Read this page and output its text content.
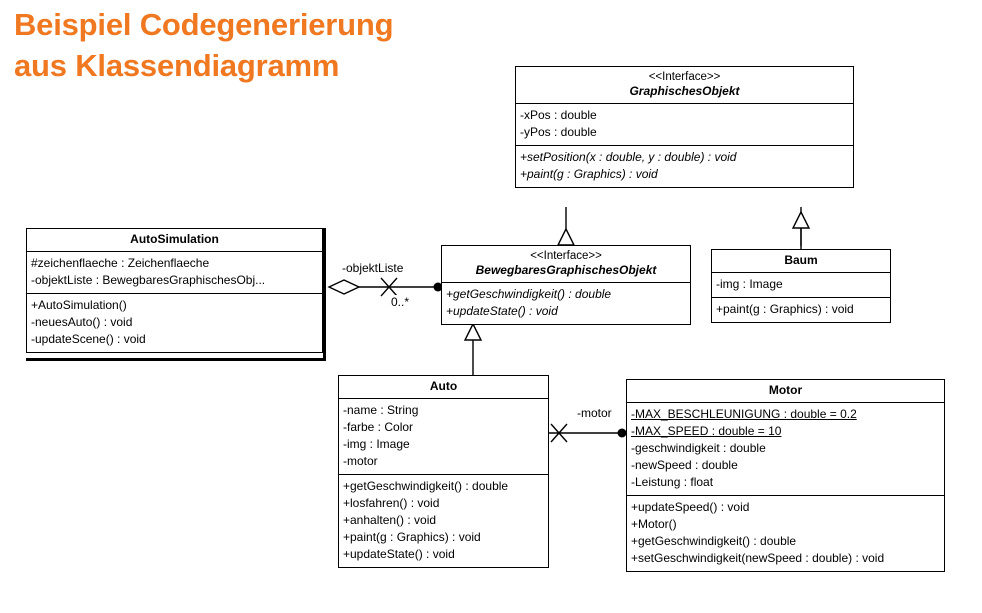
Beispiel Codegenerierung
aus Klassendiagramm	<<Interface>>
GraphischesObjekt
-xPos : double
-yPos : double
+setPosition(x : double, y : double) : void
+paint(g : Graphics) : void
AutoSimulation
#zeichenflaeche : Zeichenflaeche
-objektListe : BewegbaresGraphischesObj...
+AutoSimulation()
-neuesAuto() : void
-updateScene() : void
<<Interface>>
BewegbaresGraphischesObjekt
+getGeschwindigkeit() : double
+updateState() : void
Baum
-img : Image
+paint(g : Graphics) : void
Auto
-name : String
-farbe : Color
-img : Image
-motor
+getGeschwindigkeit() : double
+losfahren() : void
+anhalten() : void
+paint(g : Graphics) : void
+updateState() : void
Motor
-MAX_BESCHLEUNIGUNG : double = 0.2
-MAX_SPEED : double = 10
-geschwindigkeit : double
-newSpeed : double
-Leistung : float
+updateSpeed() : void
+Motor()
+getGeschwindigkeit() : double
+setGeschwindigkeit(newSpeed : double) : void
-objektListe
0..*
-motor
